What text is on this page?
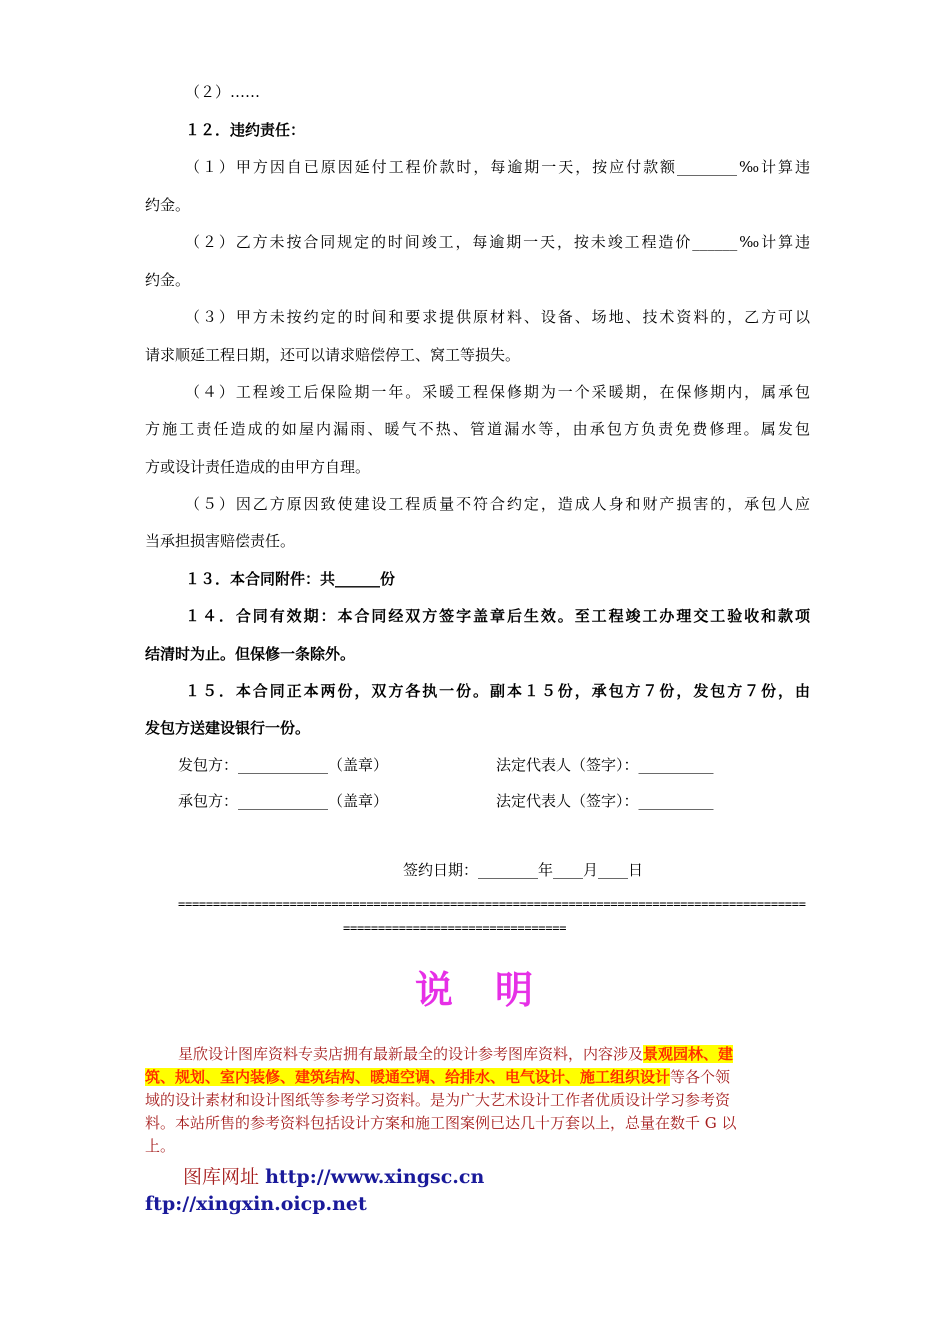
（２）……
１２．违约责任：
（１）甲方因自已原因延付工程价款时，每逾期一天，按应付款额________‰计算违
约金。
（２）乙方未按合同规定的时间竣工，每逾期一天，按未竣工程造价______‰计算违
约金。
（３）甲方未按约定的时间和要求提供原材料、设备、场地、技术资料的，乙方可以
请求顺延工程日期，还可以请求赔偿停工、窝工等损失。
（４）工程竣工后保险期一年。采暖工程保修期为一个采暖期，在保修期内，属承包
方施工责任造成的如屋内漏雨、暖气不热、管道漏水等，由承包方负责免费修理。属发包
方或设计责任造成的由甲方自理。
（５）因乙方原因致使建设工程质量不符合约定，造成人身和财产损害的，承包人应
当承担损害赔偿责任。
１３．本合同附件：共______份
１４．合同有效期：本合同经双方签字盖章后生效。至工程竣工办理交工验收和款项
结清时为止。但保修一条除外。
１５．本合同正本两份，双方各执一份。副本１５份，承包方７份，发包方７份，由
发包方送建设银行一份。
发包方：____________（盖章）	法定代表人（签字）：__________
承包方：____________（盖章）	法定代表人（签字）：__________
签约日期：________年____月____日
==========================================================================================
================================
说　明
星欣设计图库资料专卖店拥有最新最全的设计参考图库资料，内容涉及景观园林、建
筑、规划、室内装修、建筑结构、暖通空调、给排水、电气设计、施工组织设计等各个领
域的设计素材和设计图纸等参考学习资料。是为广大艺术设计工作者优质设计学习参考资
料。本站所售的参考资料包括设计方案和施工图案例已达几十万套以上，总量在数千 G 以
上。
图库网址 http://www.xingsc.cn
ftp://xingxin.oicp.net
